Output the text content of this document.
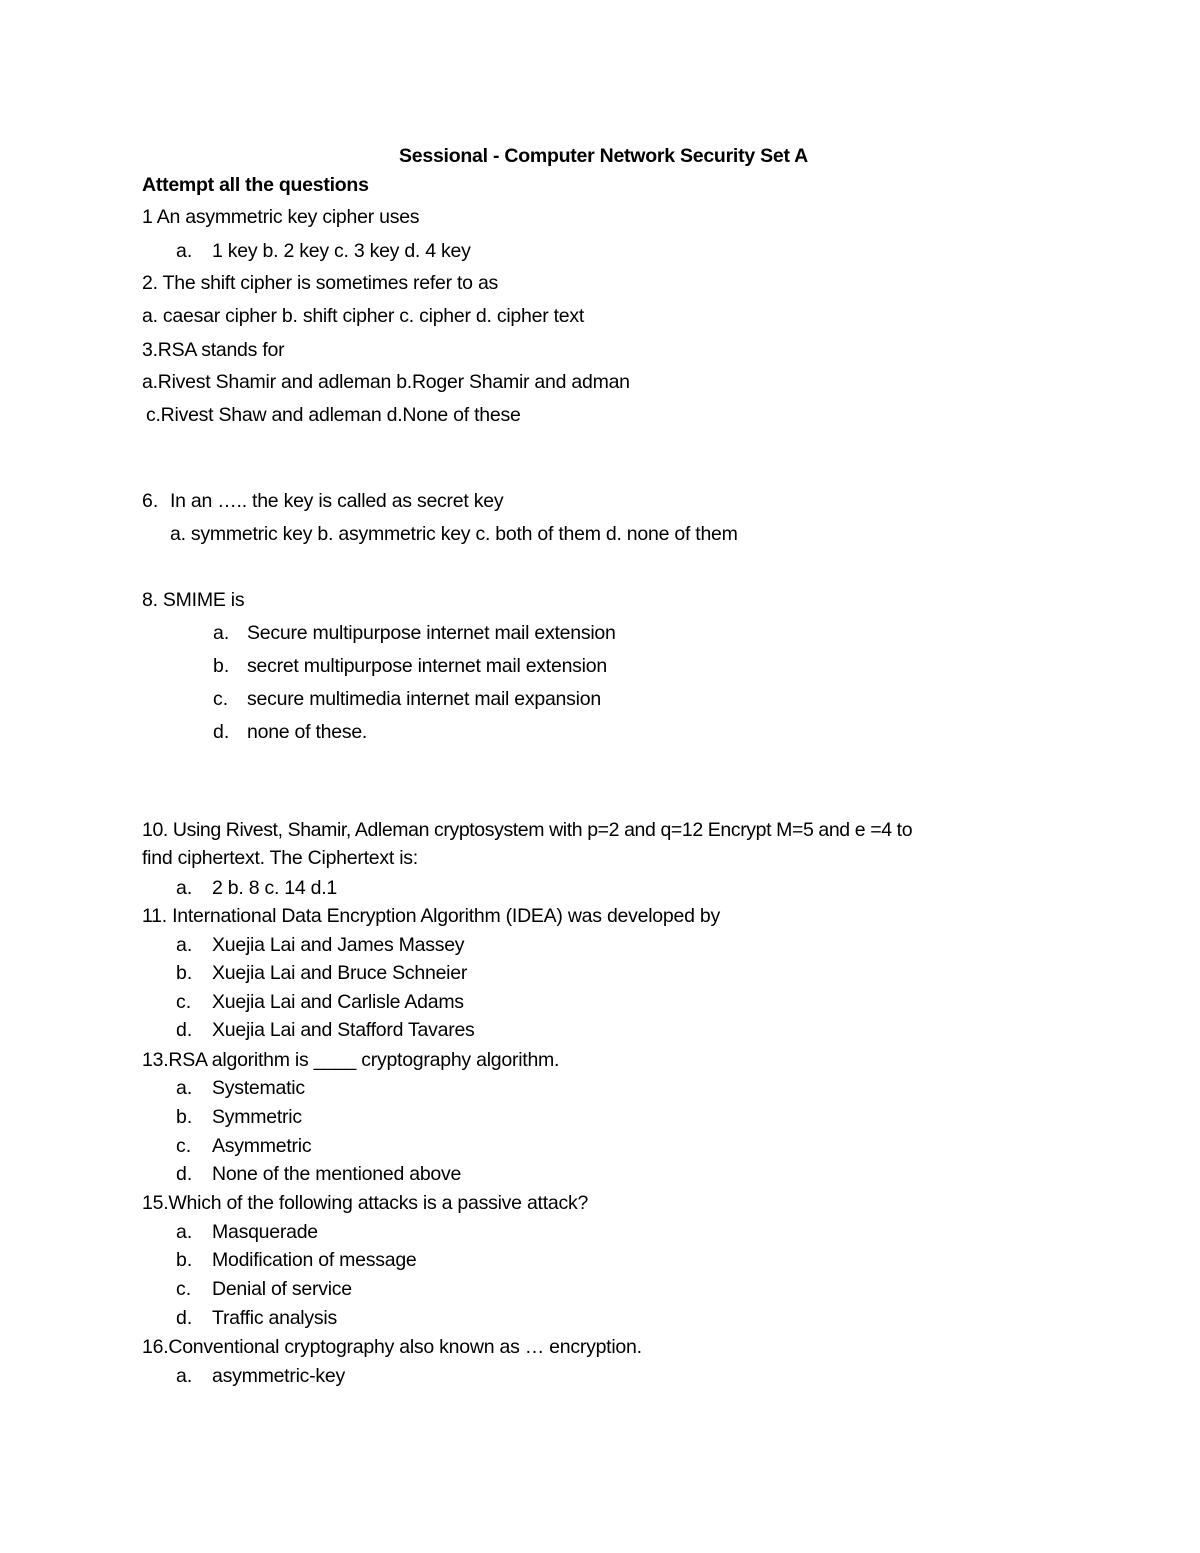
Sessional - Computer Network Security Set A
Attempt all the questions
1 An asymmetric key cipher uses
a. 1 key b. 2 key c. 3 key d. 4 key
2. The shift cipher is sometimes refer to as
a. caesar cipher b. shift cipher c. cipher d. cipher text
3.RSA stands for
a.Rivest Shamir and adleman b.Roger Shamir and adman
c.Rivest Shaw and adleman d.None of these
6. In an ….. the key is called as secret key
a. symmetric key b. asymmetric key c. both of them d. none of them
8. SMIME is
a. Secure multipurpose internet mail extension
b. secret multipurpose internet mail extension
c. secure multimedia internet mail expansion
d. none of these.
10. Using Rivest, Shamir, Adleman cryptosystem with p=2 and q=12 Encrypt M=5 and e =4 to
find ciphertext. The Ciphertext is:
a. 2 b. 8 c. 14 d.1
11. International Data Encryption Algorithm (IDEA) was developed by
a. Xuejia Lai and James Massey
b. Xuejia Lai and Bruce Schneier
c. Xuejia Lai and Carlisle Adams
d. Xuejia Lai and Stafford Tavares
13.RSA algorithm is ____ cryptography algorithm.
a. Systematic
b. Symmetric
c. Asymmetric
d. None of the mentioned above
15.Which of the following attacks is a passive attack?
a. Masquerade
b. Modification of message
c. Denial of service
d. Traffic analysis
16.Conventional cryptography also known as … encryption.
a. asymmetric-key
